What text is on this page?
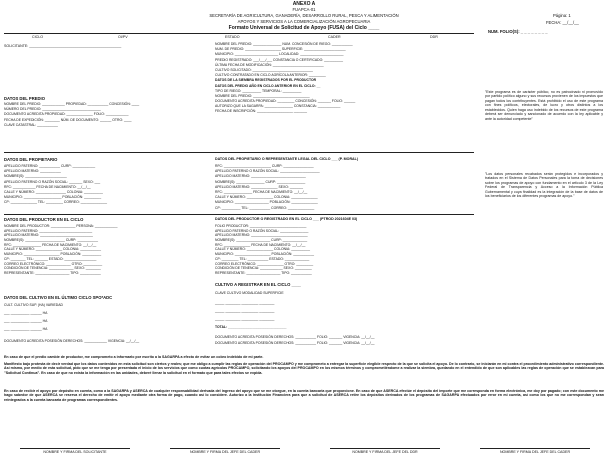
ANEXO A
FUAPCA-01
SECRETARÍA DE AGRICULTURA, GANADERÍA, DESARROLLO RURAL, PESCA Y ALIMENTACIÓN
APOYOS Y SERVICIOS A LA COMERCIALIZACIÓN AGROPECUARIA
Formato Universal de Solicitud de Apoyo (FUSA) del Ciclo ____
Página: 1
FECHA: __/__/__
NUM. FOLIO(S): _ _ _ _ _ _ _ _
CICLO	OI/PV	ESTADO	CADER	DDR
SOLICITANTE: ______________________________________________	NOMBRE DEL PREDIO: _______________ NUM. CONCESIÓN DE RIEGO: ___________
NUM. DE PREDIO: ___________________ SUPERFICIE: ______________________
MUNICIPIO: _______________________ LOCALIDAD: _______________________
PREDIO REGISTRADO: ___/___/___ CONSTANCIA O CERTIFICADO: __________
ÚLTIMA FECHA DE MODIFICACIÓN: ___________________________
CULTIVO SOLICITADO: ________________________________
CULTIVO CONTRATADO EN CICLO AGRÍCOLA ANTERIOR: _________
DATOS DE LA SIEMBRA REGISTRADOS POR EL PRODUCTOR
DATOS DEL PREDIO AÑO EN CICLO ANTERIOR EN EL CICLO: __
TIPO DE RIEGO: __________ TEMPORAL: __________
NOMBRE DEL PREDIO: ______________________________
DOCUMENTO ACREDITA PROPIEDAD: _________ CONCESIÓN: _______ FOLIO: ______
AUTORIZO QUE LA SAGARPA: _______________ CONSTANCIA: ____________
FECHA DE INSCRIPCIÓN: ___________________ _______
"Este programa es de carácter público, no es patrocinado ni promovido por partido político alguno y sus recursos provienen de los impuestos que pagan todos los contribuyentes. Está prohibido el uso de este programa con fines políticos, electorales, de lucro y otros distintos a los establecidos. Quien haga uso indebido de los recursos de este programa deberá ser denunciado y sancionado de acuerdo con la ley aplicable y ante la autoridad competente"
"Los datos personales recabados serán protegidos e incorporados y tratados en el Sistema de Datos Personales para la toma de decisiones sobre los programas de apoyo con fundamento en el artículo 3 de la Ley Federal de Transparencia y Acceso a la Información Pública Gubernamental y cuya finalidad es la integración de la base de datos de los beneficiarios de los diferentes programas de apoyo."
DATOS DEL PREDIO
NOMBRE DEL PREDIO: ____________ PROPIEDAD: ___________ CONCESIÓN: ____
NÚMERO DEL PREDIO: _______________________________
DOCUMENTO ACREDITA PROPIEDAD: ______________ FOLIO: ____________
FECHA DE EXPEDICIÓN: ________ NÚM. DE DOCUMENTO: ______ OTRO: ____
CLAVE CATASTRAL: ___________
DATOS DEL PROPIETARIO
APELLIDO PATERNO: ___________ CURP: ____________
APELLIDO MATERNO: ___________
NOMBRE(S): ______________________
APELLIDO PATERNO O RAZÓN SOCIAL: _______ SEXO: ___
RFC: ____________ FECHA DE NACIMIENTO: __/__/__
CALLE Y NÚMERO: ________________ COLONIA: __________
MUNICIPIO: ____________________ POBLACIÓN: _________
CP: ______________ TEL: _________ CORREO: ______________
DATOS DEL PROPIETARIO O REPRESENTANTE LEGAL DEL CICLO ___ (P. MORAL)
RFC: _________________________ CURP: ________________
APELLIDO PATERNO O RAZÓN SOCIAL: _____________________
APELLIDO MATERNO: _____________________________
NOMBRE(S): _______________ CURP: _______________
APELLIDO MATERNO: ______________ SEXO: _______
RFC: _______________ FECHA DE NACIMIENTO: __/__/__
CALLE Y NÚMERO: ______________ COLONIA: ______________
MUNICIPIO: __________________ POBLACIÓN: ______________
CP: __________ TEL: ___________ CORREO: ______________
DATOS DEL PRODUCTOR EN EL CICLO
NOMBRE DEL PRODUCTOR: _____________ PERSONA: ____________
APELLIDO PATERNO: ____________________________
APELLIDO MATERNO: ____________________________
NOMBRE(S): _____________________ CURP: ___________
RFC: _______________ FECHA DE NACIMIENTO: __/__/__
CALLE Y NÚMERO: ______________ COLONIA: ___________
MUNICIPIO: ___________________ POBLACIÓN: __________
CP: ________ TEL: _______ ESTADO: _________________
CORREO ELECTRÓNICO: _____________ OTRO: __________
CONDICIÓN DE TENENCIA: _____________ SEXO: ________
REPRESENTANTE: __________________ TIPO: ___________
DATOS DEL PRODUCTOR O REGISTRADO EN EL CICLO ___ (PTROD 2021604E 03)
FOLIO PRODUCTOR: ______________________________
APELLIDO PATERNO O RAZÓN SOCIAL: _______________
APELLIDO MATERNO: ______________________________
NOMBRE(S): __________________ CURP: _____________
RFC: ______________ FECHA DE NACIMIENTO: __/__/__
CALLE Y NÚMERO: ______________ COLONIA: __________
MUNICIPIO: ___________________ POBLACIÓN: ___________
CP: _________ TEL: ___________ ESTADO: _____________
CORREO ELECTRÓNICO: ______________ OTRO: _________
CONDICIÓN DE TENENCIA: ____________ SEXO: _________
REPRESENTANTE: __________________ TIPO: ___________
DATOS DEL CULTIVO EN EL ÚLTIMO CICLO SPO*ADC
CULT. CULTIVO SUP. (HA) VARIEDAD
___ __________ ______ HA
___ __________ ______ HA
___ __________ ______ HA
DOCUMENTO ACREDITA POSESIÓN DERECHOS: ____________ VIGENCIA: __/__/__
CULTIVO A REGISTRAR EN EL CICLO ____
CLAVE CULTIVO MODALIDAD SUPERFICIE
_____ ________ _________ ________
_____ ________ _________ ________
_____ ________ _________ ________
TOTAL: _______________________________
DOCUMENTO ACREDITA POSESIÓN DERECHOS: ___________ FOLIO: _______ VIGENCIA: __/__/__
DOCUMENTO ACREDITA POSESIÓN DERECHOS: ___________ FOLIO: _______ VIGENCIA: __/__/__
En caso de que el predio cambie de productor, me comprometo a informarlo por escrito a la SAGARPA a efecto de evitar un cobro indebido de mi parte.
Manifiesto bajo protesta de decir verdad que los datos contenidos en esta solicitud son ciertos y reales; que me obligo a cumplir las reglas de operación del PROCAMPO y me comprometo a entregar la superficie elegible respecto de la que se solicita el apoyo. De lo contrario, se iniciarán en mi contra el procedimiento administrativo correspondiente. Así mismo, por medio de esta solicitud, pido que se me tenga por presentada el inicio de los servicios que como cuotas agrícolas PROCAMPO, solicitando los apoyos del PROCAMPO en los mismos términos y comprometiéndome a realizar la siembra, quedando en el entendido de que son aplicables las reglas de operación que se establezcan para "Solicitud Continua". En caso de que no exista la información en las unidades, deberé llenar la solicitud en el formato que para tales efectos se expida.
En caso de recibir el apoyo por depósito en cuenta, como a la SAGARPA y ASERCA de cualquier responsabilidad derivada del ingreso del apoyo que se me otorgue, en la cuenta bancaria que proporcione. En caso de que ASERCA efectúe el depósito del importe que me corresponda en forma electrónica, me doy por pagado; con este documento me hago sabedor de que ASERCA se reserva el derecho de emitir el apoyo mediante otra forma de pago, cuando así lo considere. Autorizo a la Institución Financiera para que a solicitud de ASERCA retire los depósitos derivados de los programas de SAGARPA efectuados por error en mi cuenta, así como los que no me correspondan y sean reintegrados a la cuenta bancaria de programas correspondientes.
NOMBRE Y FIRMA DEL SOLICITANTE	NOMBRE Y FIRMA DEL JEFE DEL CADER	NOMBRE Y FIRMA DEL JEFE DEL DDR	NOMBRE Y FIRMA DEL JEFE DEL CADER
